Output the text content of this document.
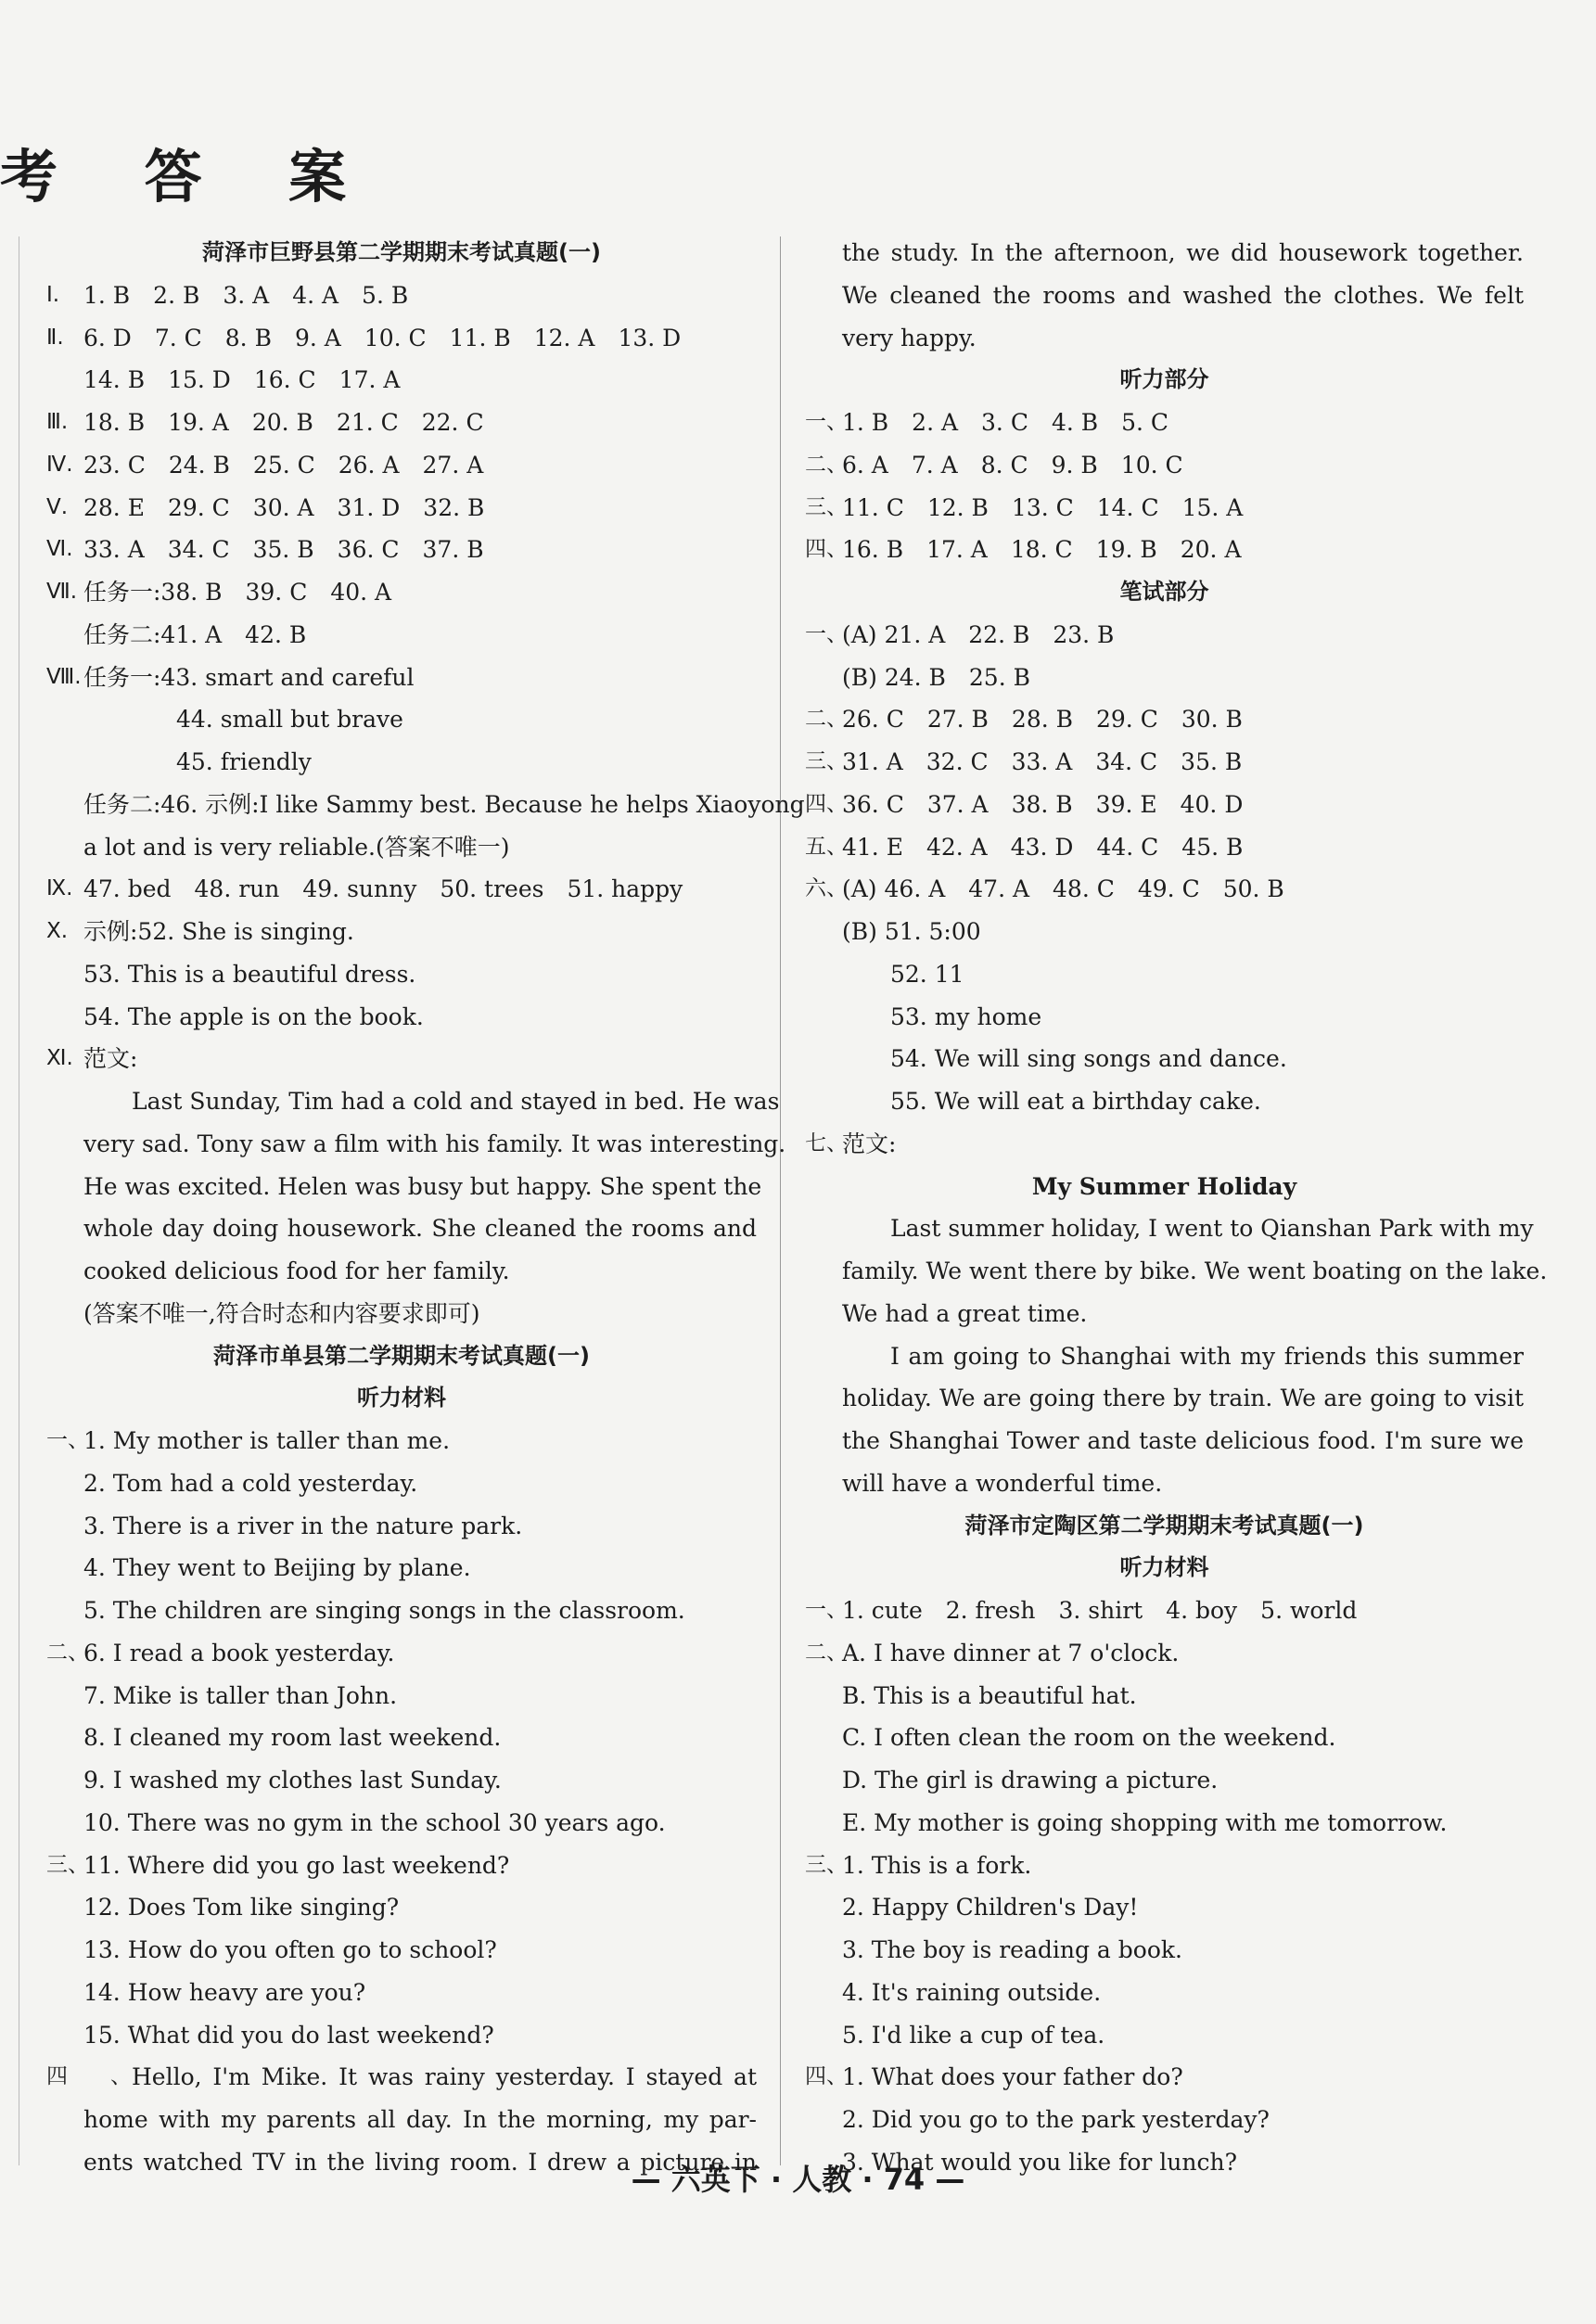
考 答 案
菏泽市巨野县第二学期期末考试真题(一)
Ⅰ. 1. B　2. B　3. A　4. A　5. B
Ⅱ. 6. D　7. C　8. B　9. A　10. C　11. B　12. A　13. D
14. B　15. D　16. C　17. A
Ⅲ. 18. B　19. A　20. B　21. C　22. C
Ⅳ. 23. C　24. B　25. C　26. A　27. A
Ⅴ. 28. E　29. C　30. A　31. D　32. B
Ⅵ. 33. A　34. C　35. B　36. C　37. B
Ⅶ. 任务一:38. B　39. C　40. A
任务二:41. A　42. B
Ⅷ.任务一:43. smart and careful
44. small but brave
45. friendly
任务二:46. 示例:I like Sammy best. Because he helps Xiaoyong
a lot and is very reliable.(答案不唯一)
Ⅸ. 47. bed　48. run　49. sunny　50. trees　51. happy
Ⅹ. 示例:52. She is singing.
53. This is a beautiful dress.
54. The apple is on the book.
Ⅺ. 范文:
Last Sunday, Tim had a cold and stayed in bed. He was
very sad. Tony saw a film with his family. It was interesting.
He was excited. Helen was busy but happy. She spent the
whole day doing housework. She cleaned the rooms and
cooked delicious food for her family.
(答案不唯一,符合时态和内容要求即可)
菏泽市单县第二学期期末考试真题(一)
听力材料
一、1. My mother is taller than me.
2. Tom had a cold yesterday.
3. There is a river in the nature park.
4. They went to Beijing by plane.
5. The children are singing songs in the classroom.
二、6. I read a book yesterday.
7. Mike is taller than John.
8. I cleaned my room last weekend.
9. I washed my clothes last Sunday.
10. There was no gym in the school 30 years ago.
三、11. Where did you go last weekend?
12. Does Tom like singing?
13. How do you often go to school?
14. How heavy are you?
15. What did you do last weekend?
四、Hello, I'm Mike. It was rainy yesterday. I stayed at
home with my parents all day. In the morning, my par-
ents watched TV in the living room. I drew a picture in
the study. In the afternoon, we did housework together.
We cleaned the rooms and washed the clothes. We felt
very happy.
听力部分
一、1. B　2. A　3. C　4. B　5. C
二、6. A　7. A　8. C　9. B　10. C
三、11. C　12. B　13. C　14. C　15. A
四、16. B　17. A　18. C　19. B　20. A
笔试部分
一、(A) 21. A　22. B　23. B
(B) 24. B　25. B
二、26. C　27. B　28. B　29. C　30. B
三、31. A　32. C　33. A　34. C　35. B
四、36. C　37. A　38. B　39. E　40. D
五、41. E　42. A　43. D　44. C　45. B
六、(A) 46. A　47. A　48. C　49. C　50. B
(B) 51. 5:00
52. 11
53. my home
54. We will sing songs and dance.
55. We will eat a birthday cake.
七、范文:
My Summer Holiday
Last summer holiday, I went to Qianshan Park with my
family. We went there by bike. We went boating on the lake.
We had a great time.
I am going to Shanghai with my friends this summer
holiday. We are going there by train. We are going to visit
the Shanghai Tower and taste delicious food. I'm sure we
will have a wonderful time.
菏泽市定陶区第二学期期末考试真题(一)
听力材料
一、1. cute　2. fresh　3. shirt　4. boy　5. world
二、A. I have dinner at 7 o'clock.
B. This is a beautiful hat.
C. I often clean the room on the weekend.
D. The girl is drawing a picture.
E. My mother is going shopping with me tomorrow.
三、1. This is a fork.
2. Happy Children's Day!
3. The boy is reading a book.
4. It's raining outside.
5. I'd like a cup of tea.
四、1. What does your father do?
2. Did you go to the park yesterday?
3. What would you like for lunch?
— 六英下 · 人教 · 74 —
